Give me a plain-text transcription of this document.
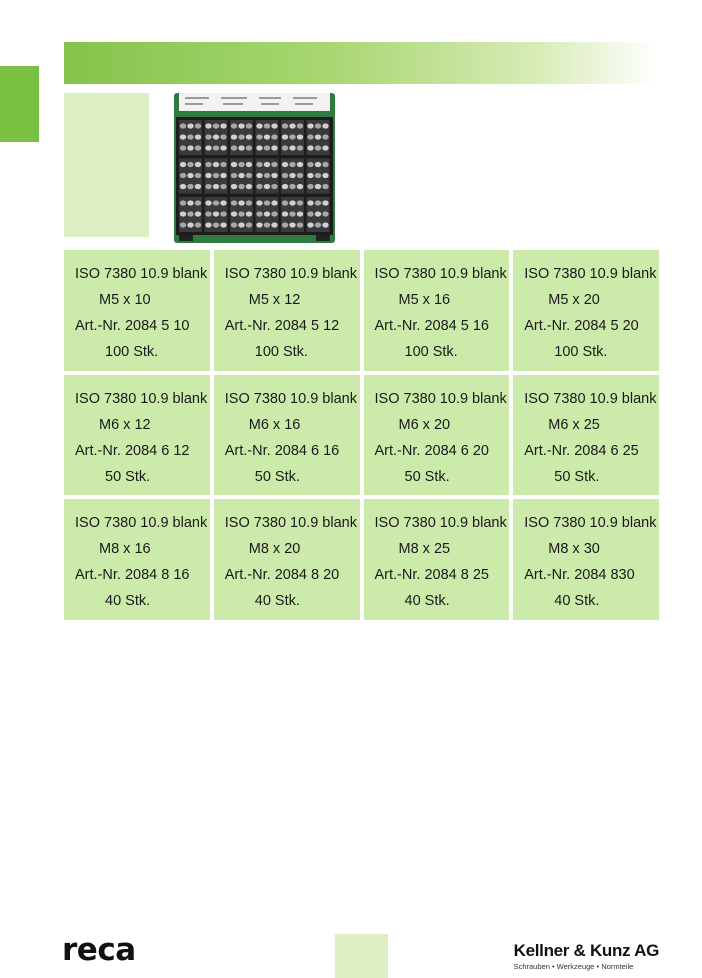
ISO 7380 10.9 blank
M5 x 10
Art.-Nr. 2084 5 10
100 Stk.
ISO 7380 10.9 blank
M5 x 12
Art.-Nr. 2084 5 12
100 Stk.
ISO 7380 10.9 blank
M5 x 16
Art.-Nr. 2084 5 16
100 Stk.
ISO 7380 10.9 blank
M5 x 20
Art.-Nr. 2084 5 20
100 Stk.
ISO 7380 10.9 blank
M6 x 12
Art.-Nr. 2084 6 12
50 Stk.
ISO 7380 10.9 blank
M6 x 16
Art.-Nr. 2084 6 16
50 Stk.
ISO 7380 10.9 blank
M6 x 20
Art.-Nr. 2084 6 20
50 Stk.
ISO 7380 10.9 blank
M6 x 25
Art.-Nr. 2084 6 25
50 Stk.
ISO 7380 10.9 blank
M8 x 16
Art.-Nr. 2084 8 16
40 Stk.
ISO 7380 10.9 blank
M8 x 20
Art.-Nr. 2084 8 20
40 Stk.
ISO 7380 10.9 blank
M8 x 25
Art.-Nr. 2084 8 25
40 Stk.
ISO 7380 10.9 blank
M8 x 30
Art.-Nr. 2084 830
40 Stk.
reca	Kellner & Kunz AG
Schrauben • Werkzeuge • Normteile
